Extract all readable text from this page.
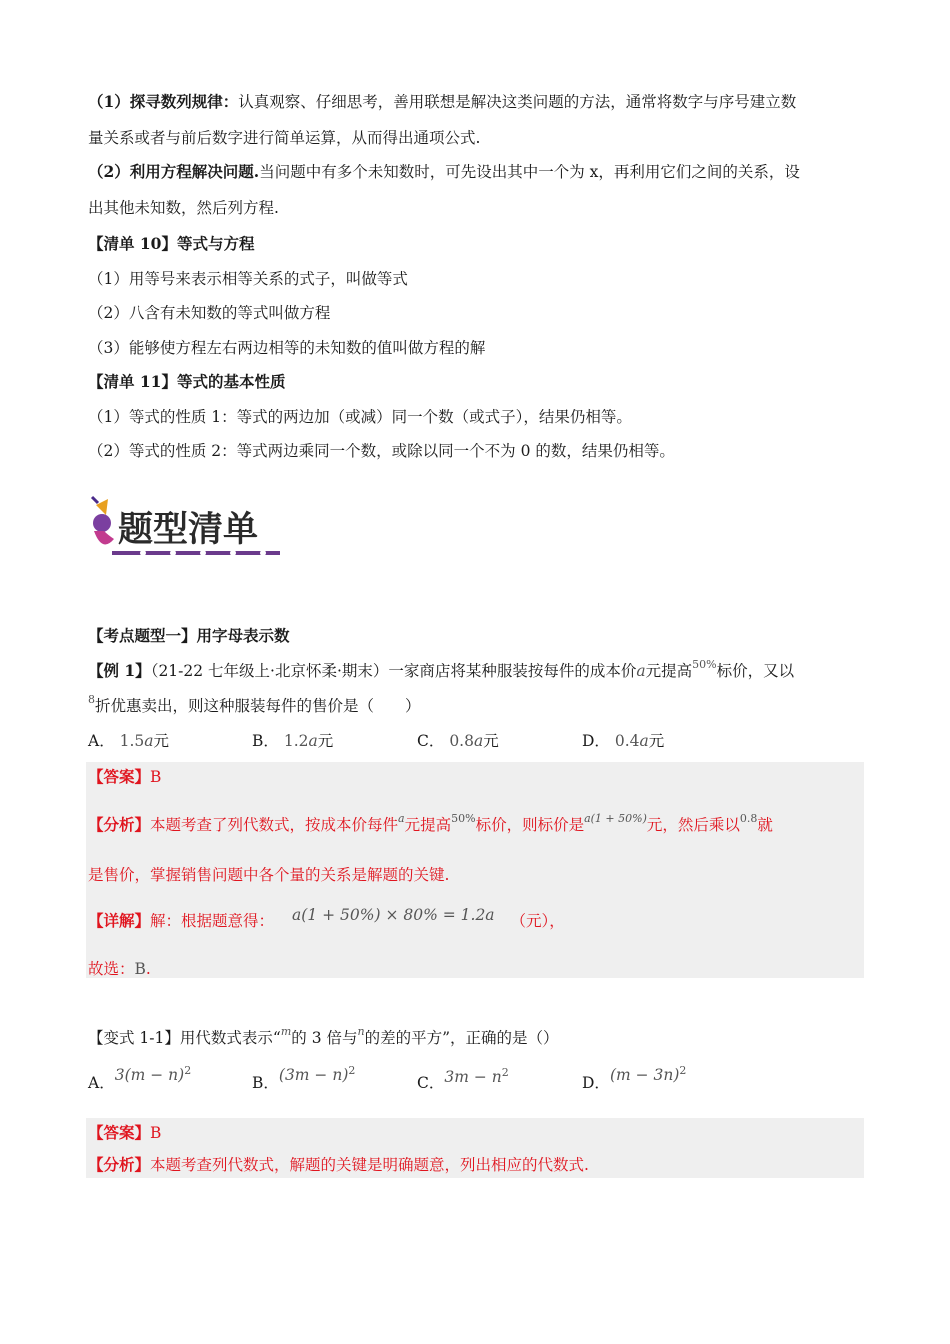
（1）探寻数列规律：认真观察、仔细思考，善用联想是解决这类问题的方法，通常将数字与序号建立数
量关系或者与前后数字进行简单运算，从而得出通项公式.
（2）利用方程解决问题.当问题中有多个未知数时，可先设出其中一个为 x，再利用它们之间的关系，设
出其他未知数，然后列方程.
【清单 10】等式与方程
（1）用等号来表示相等关系的式子，叫做等式
（2）八含有未知数的等式叫做方程
（3）能够使方程左右两边相等的未知数的值叫做方程的解
【清单 11】等式的基本性质
（1）等式的性质 1：等式的两边加（或减）同一个数（或式子），结果仍相等。
（2）等式的性质 2：等式两边乘同一个数，或除以同一个不为 0 的数，结果仍相等。
题型清单
【考点题型一】用字母表示数
【例 1】（21-22 七年级上·北京怀柔·期末）一家商店将某种服装按每件的成本价a元提高$^{50\%}$标价，又以
$^8$折优惠卖出，则这种服装每件的售价是（　　）
A． 1.5a元	B． 1.2a元	C． 0.8a元	D． 0.4a元
【答案】B
【分析】本题考查了列代数式，按成本价每件$^a$元提高$^{50\%}$标价，则标价是$^{a(1 + 50\%)}$元，然后乘以$^{0.8}$就
是售价，掌握销售问题中各个量的关系是解题的关键.
【详解】解：根据题意得： a(1 + 50%) × 80% = 1.2a （元），
故选：B.
【变式 1-1】用代数式表示“$^m$的 3 倍与$^n$的差的平方”，正确的是（）
A．$3(m - n)^2$
B．$(3m - n)^2$
C．$3m - n^2$
D．$(m - 3n)^2$
【答案】B
【分析】本题考查列代数式，解题的关键是明确题意，列出相应的代数式.
